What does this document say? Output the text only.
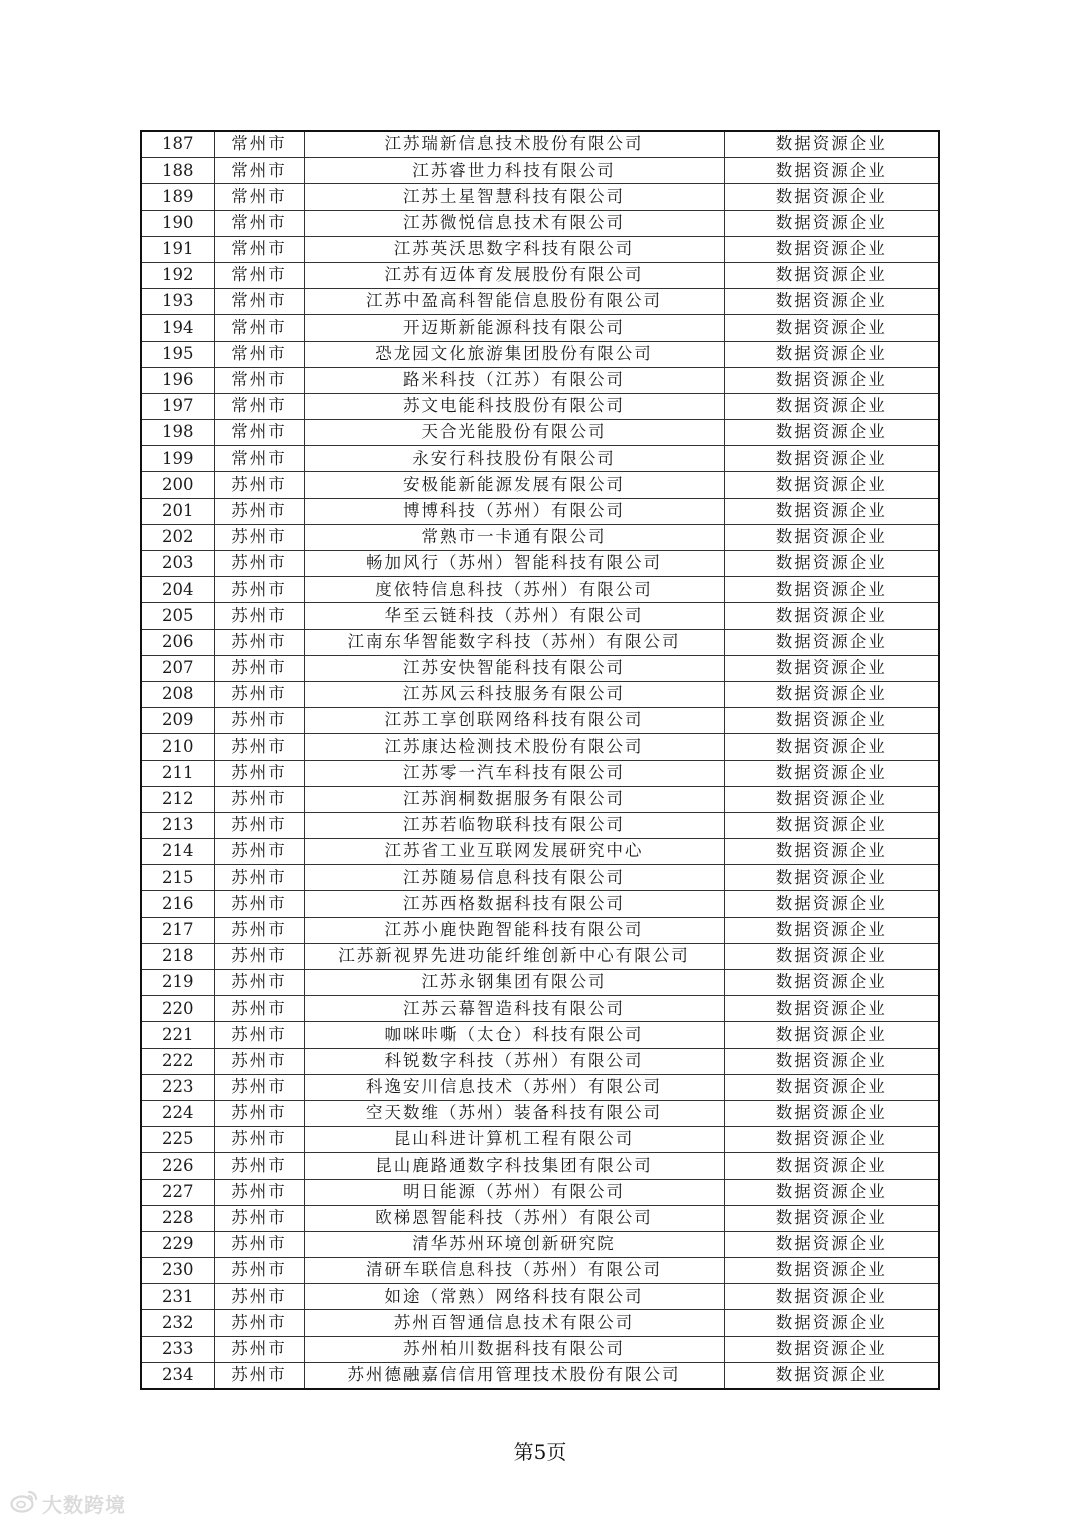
187	常州市	江苏瑞新信息技术股份有限公司	数据资源企业
188	常州市	江苏睿世力科技有限公司	数据资源企业
189	常州市	江苏土星智慧科技有限公司	数据资源企业
190	常州市	江苏微悦信息技术有限公司	数据资源企业
191	常州市	江苏英沃思数字科技有限公司	数据资源企业
192	常州市	江苏有迈体育发展股份有限公司	数据资源企业
193	常州市	江苏中盈高科智能信息股份有限公司	数据资源企业
194	常州市	开迈斯新能源科技有限公司	数据资源企业
195	常州市	恐龙园文化旅游集团股份有限公司	数据资源企业
196	常州市	路米科技（江苏）有限公司	数据资源企业
197	常州市	苏文电能科技股份有限公司	数据资源企业
198	常州市	天合光能股份有限公司	数据资源企业
199	常州市	永安行科技股份有限公司	数据资源企业
200	苏州市	安极能新能源发展有限公司	数据资源企业
201	苏州市	博博科技（苏州）有限公司	数据资源企业
202	苏州市	常熟市一卡通有限公司	数据资源企业
203	苏州市	畅加风行（苏州）智能科技有限公司	数据资源企业
204	苏州市	度依特信息科技（苏州）有限公司	数据资源企业
205	苏州市	华至云链科技（苏州）有限公司	数据资源企业
206	苏州市	江南东华智能数字科技（苏州）有限公司	数据资源企业
207	苏州市	江苏安快智能科技有限公司	数据资源企业
208	苏州市	江苏风云科技服务有限公司	数据资源企业
209	苏州市	江苏工享创联网络科技有限公司	数据资源企业
210	苏州市	江苏康达检测技术股份有限公司	数据资源企业
211	苏州市	江苏零一汽车科技有限公司	数据资源企业
212	苏州市	江苏润桐数据服务有限公司	数据资源企业
213	苏州市	江苏若临物联科技有限公司	数据资源企业
214	苏州市	江苏省工业互联网发展研究中心	数据资源企业
215	苏州市	江苏随易信息科技有限公司	数据资源企业
216	苏州市	江苏西格数据科技有限公司	数据资源企业
217	苏州市	江苏小鹿快跑智能科技有限公司	数据资源企业
218	苏州市	江苏新视界先进功能纤维创新中心有限公司	数据资源企业
219	苏州市	江苏永钢集团有限公司	数据资源企业
220	苏州市	江苏云幕智造科技有限公司	数据资源企业
221	苏州市	咖咪咔嘶（太仓）科技有限公司	数据资源企业
222	苏州市	科锐数字科技（苏州）有限公司	数据资源企业
223	苏州市	科逸安川信息技术（苏州）有限公司	数据资源企业
224	苏州市	空天数维（苏州）装备科技有限公司	数据资源企业
225	苏州市	昆山科进计算机工程有限公司	数据资源企业
226	苏州市	昆山鹿路通数字科技集团有限公司	数据资源企业
227	苏州市	明日能源（苏州）有限公司	数据资源企业
228	苏州市	欧梯恩智能科技（苏州）有限公司	数据资源企业
229	苏州市	清华苏州环境创新研究院	数据资源企业
230	苏州市	清研车联信息科技（苏州）有限公司	数据资源企业
231	苏州市	如途（常熟）网络科技有限公司	数据资源企业
232	苏州市	苏州百智通信息技术有限公司	数据资源企业
233	苏州市	苏州柏川数据科技有限公司	数据资源企业
234	苏州市	苏州德融嘉信信用管理技术股份有限公司	数据资源企业
第5页
大数跨境
